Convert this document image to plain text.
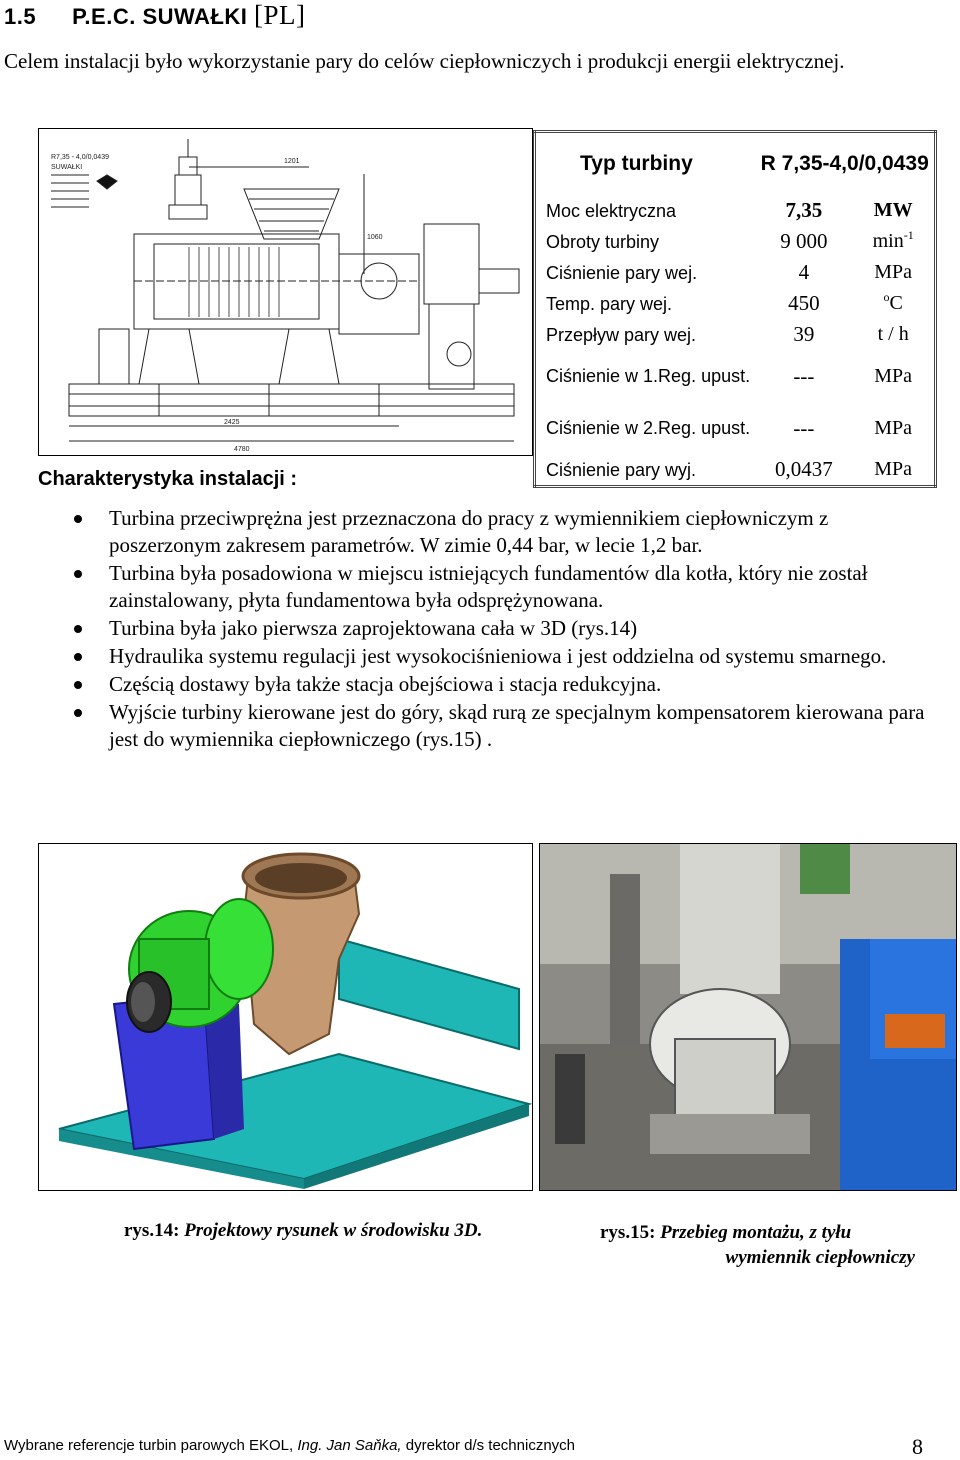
1.5 P.E.C. SUWAŁKI [PL]
Celem instalacji było wykorzystanie pary do celów ciepłowniczych i produkcji energii elektrycznej.
R7,35 - 4,0/0,0439
SUWAŁKI
1201
1060
2425
4780
Charakterystyka instalacji :
Typ turbiny	R 7,35-4,0/0,0439	
Moc elektryczna	7,35	MW
Obroty turbiny	9 000	$\min^{-1}$
Ciśnienie pary wej.	4	MPa
Temp. pary wej.	450	$^o$C
Przepływ pary wej.	39	t / h
Ciśnienie w 1.Reg. upust.	---	MPa
Ciśnienie w 2.Reg. upust.	---	MPa
Ciśnienie pary wyj.	0,0437	MPa
Turbina przeciwprężna jest przeznaczona do pracy z wymiennikiem ciepłowniczym z poszerzonym zakresem parametrów. W zimie 0,44 bar, w lecie 1,2 bar.
Turbina była posadowiona w miejscu istniejących fundamentów dla kotła, który nie został zainstalowany, płyta fundamentowa była odsprężynowana.
Turbina była jako pierwsza zaprojektowana cała w 3D (rys.14)
Hydraulika systemu regulacji jest wysokociśnieniowa i jest oddzielna od systemu smarnego.
Częścią dostawy była także stacja obejściowa i stacja redukcyjna.
Wyjście turbiny kierowane jest do góry, skąd rurą ze specjalnym kompensatorem kierowana para jest do wymiennika ciepłowniczego (rys.15) .
rys.14: Projektowy rysunek w środowisku 3D.	rys.15: Przebieg montażu, z tyłu
wymiennik ciepłowniczy
Wybrane referencje turbin parowych EKOL, Ing. Jan Saňka, dyrektor d/s technicznych	8
